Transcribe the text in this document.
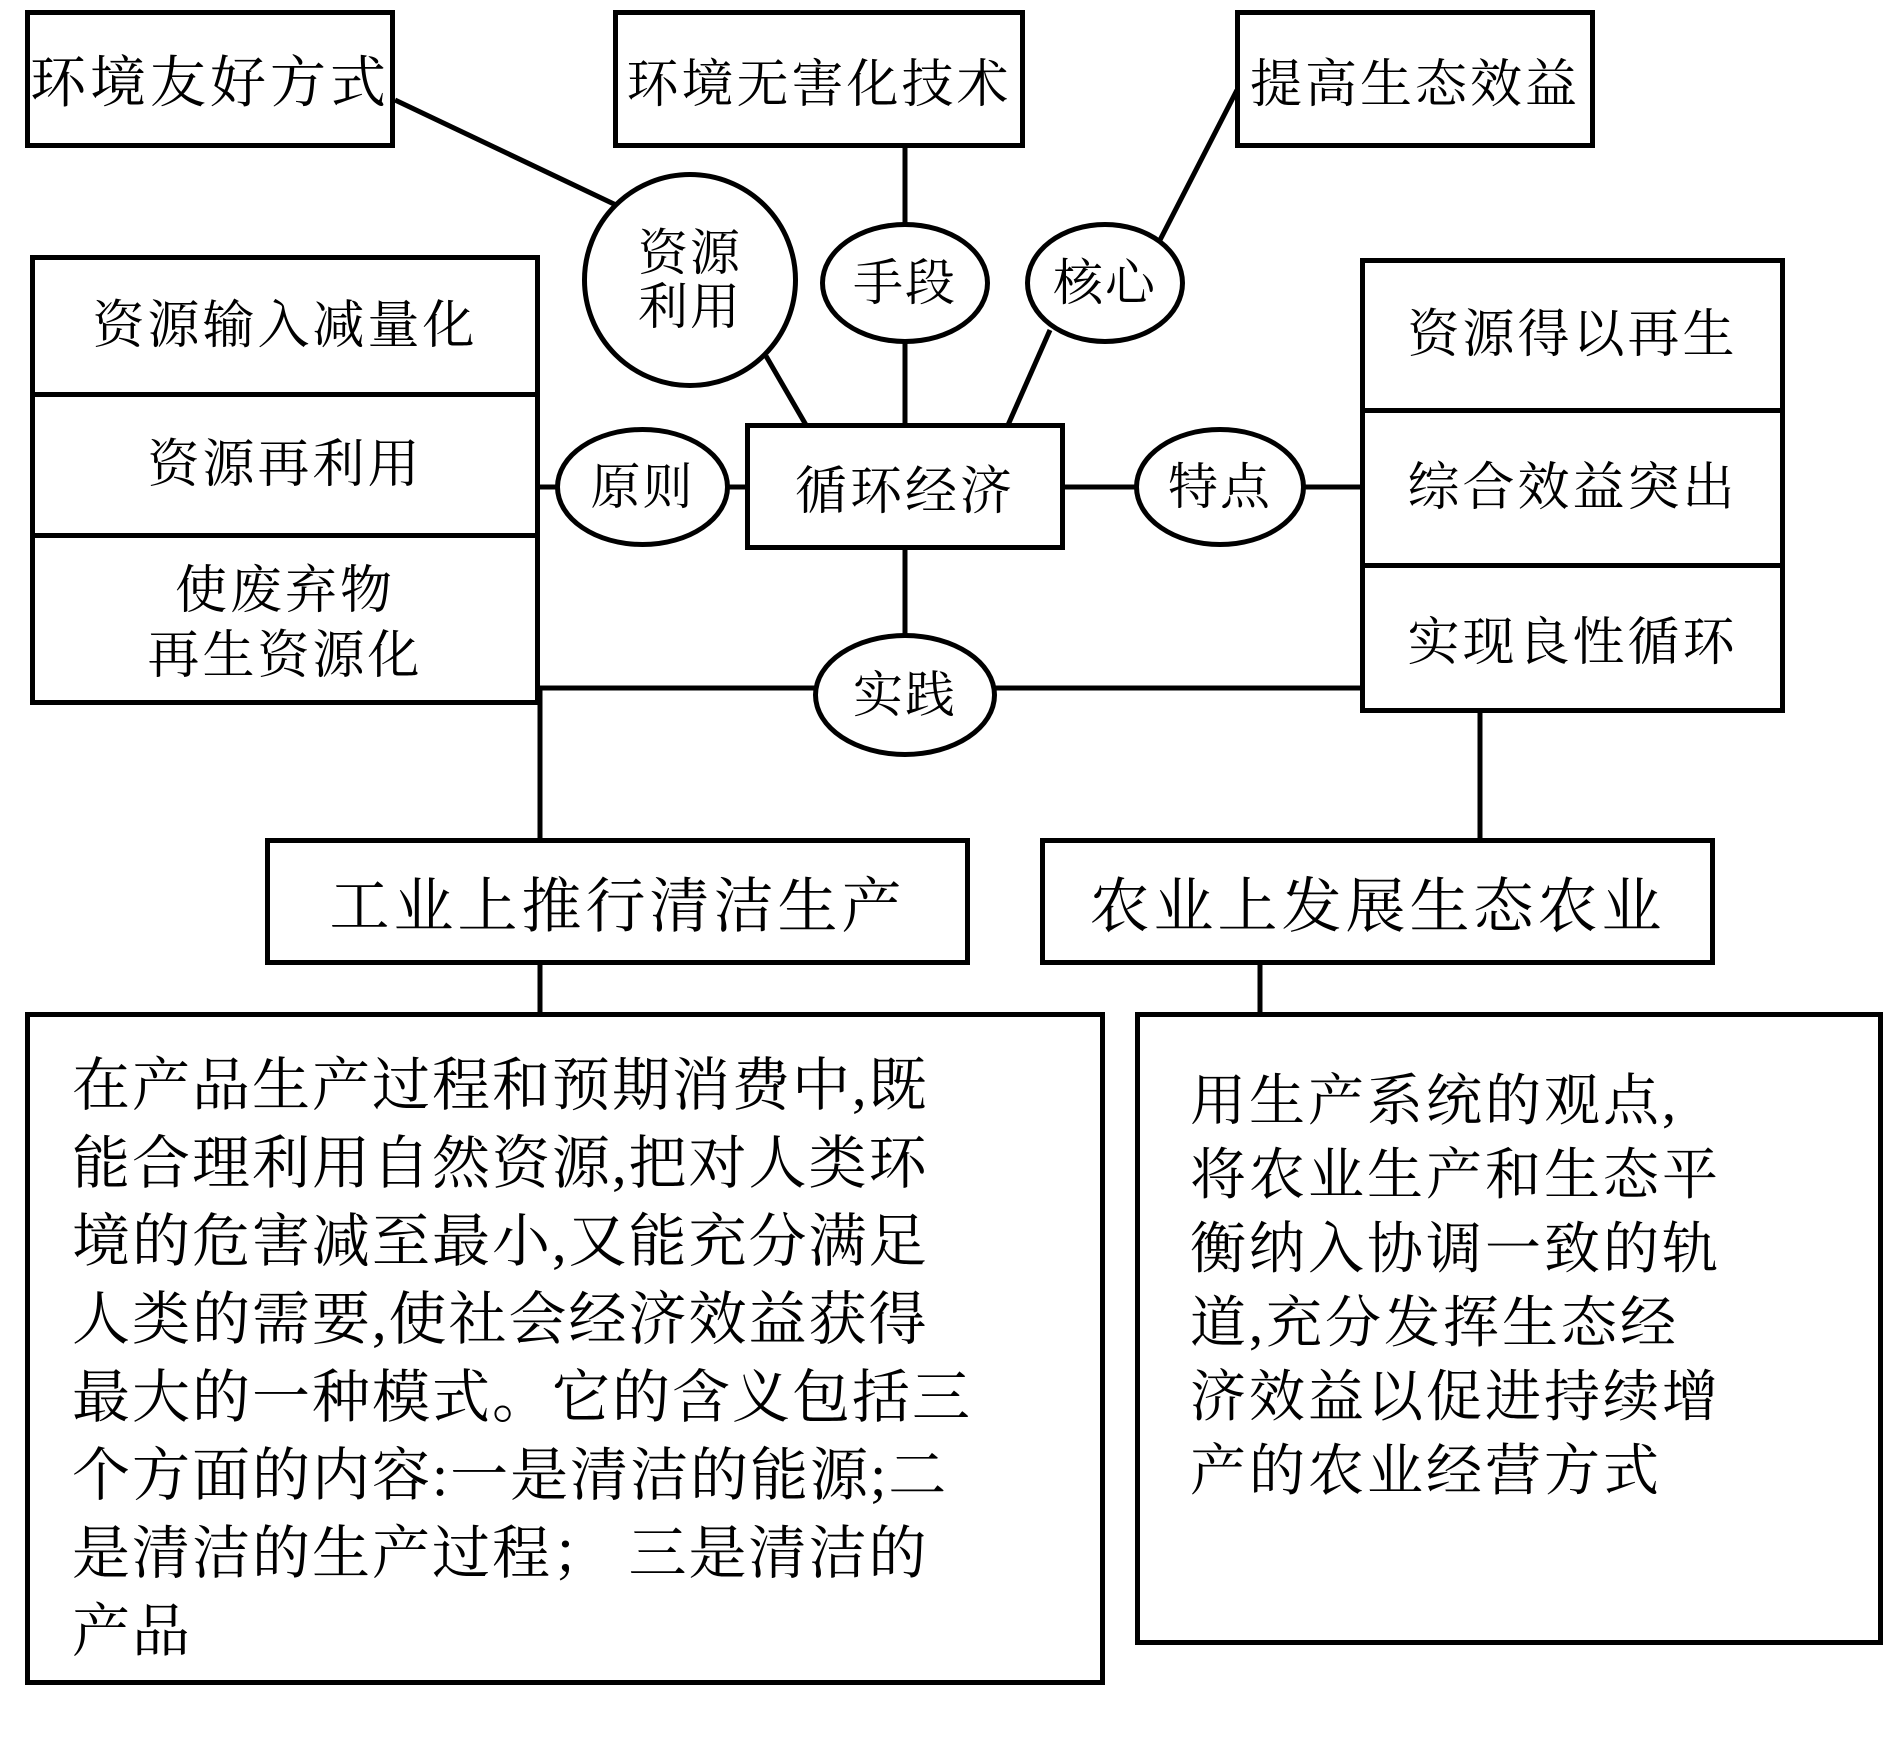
环境友好方式	环境无害化技术	提高生态效益
资源
利用	手段	核心
资源输入减量化
资源再利用
使废弃物
再生资源化
原则	循环经济	特点
资源得以再生
综合效益突出
实现良性循环
实践
工业上推行清洁生产	农业上发展生态农业
在产品生产过程和预期消费中,既
能合理利用自然资源,把对人类环
境的危害减至最小,又能充分满足
人类的需要,使社会经济效益获得
最大的一种模式。它的含义包括三
个方面的内容:一是清洁的能源;二
是清洁的生产过程； 三是清洁的
产品
用生产系统的观点,
将农业生产和生态平
衡纳入协调一致的轨
道,充分发挥生态经
济效益以促进持续增
产的农业经营方式
